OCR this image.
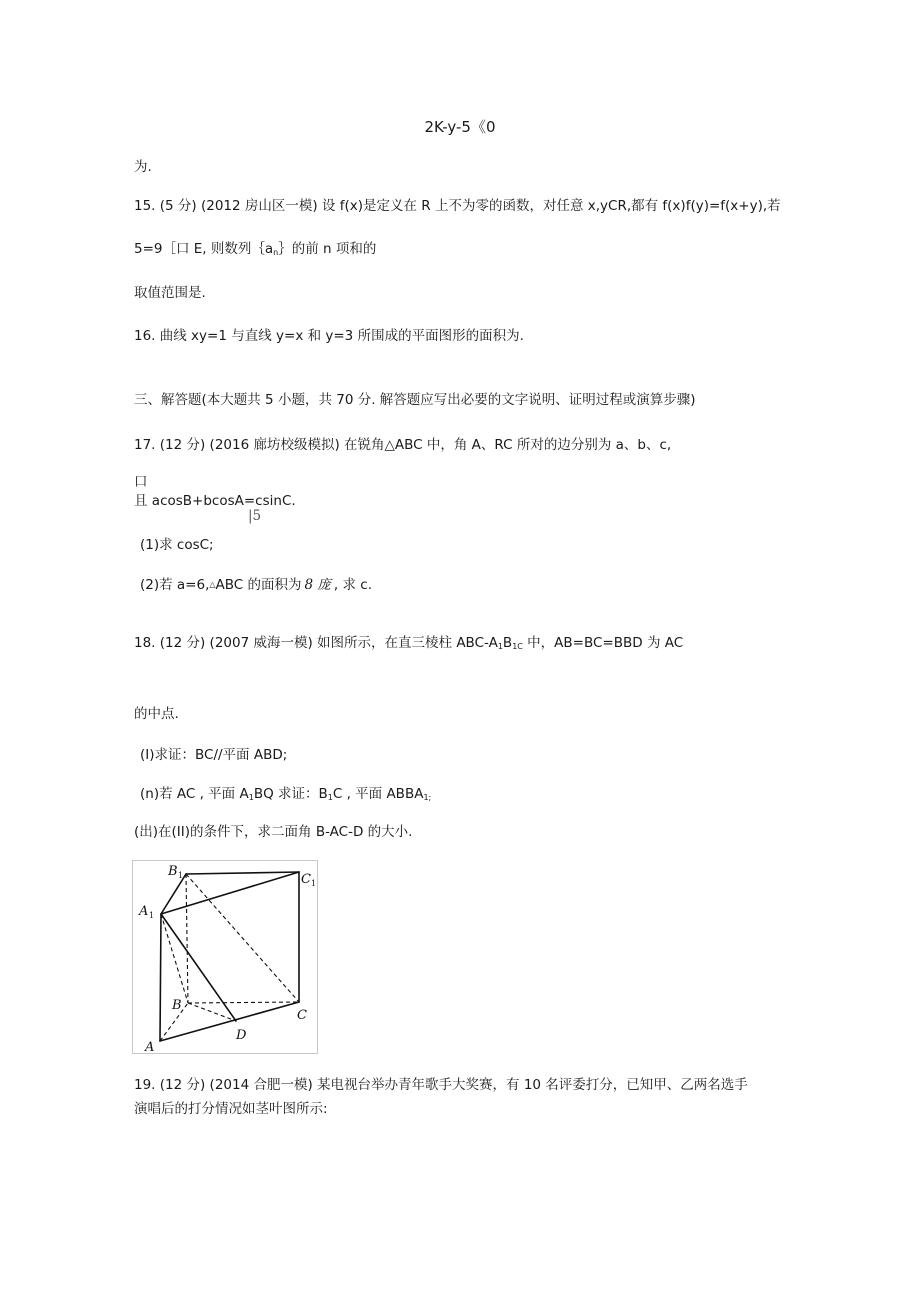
2K-y-5《0
为.
15. (5 分) (2012 房山区一模) 设 f(x)是定义在 R 上不为零的函数，对任意 x,yCR,都有 f(x)f(y)=f(x+y),若
5=9［口 E, 则数列$\{a_n\}$的前 n 项和的
取值范围是.
16. 曲线 xy=1 与直线 y=x 和 y=3 所围成的平面图形的面积为.
三、解答题(本大题共 5 小题，共 70 分. 解答题应写出必要的文字说明、证明过程或演算步骤)
17. (12 分) (2016 廊坊校级模拟) 在锐角△ABC 中，角 A、RC 所对的边分别为 a、b、c,
口
且 acosB+bcosA=csinC.
|5
(1)求 cosC;
(2)若 a=6,△ABC 的面积为 8 庞 , 求 c.
18. (12 分) (2007 威海一模) 如图所示，在直三棱柱 ABC-$A_1B_{1C}$ 中，AB=BC=BBD 为 AC
的中点.
(I)求证：BC//平面 ABD;
(n)若 AC , 平面 $A_1BQ$ 求证：$B_1C$ , 平面 $ABBA_{1;}$
(出)在(II)的条件下，求二面角 B-AC-D 的大小.
B 1	C 1
A 1
B
C
D
A
19. (12 分) (2014 合肥一模) 某电视台举办青年歌手大奖赛，有 10 名评委打分，已知甲、乙两名选手
演唱后的打分情况如茎叶图所示:
